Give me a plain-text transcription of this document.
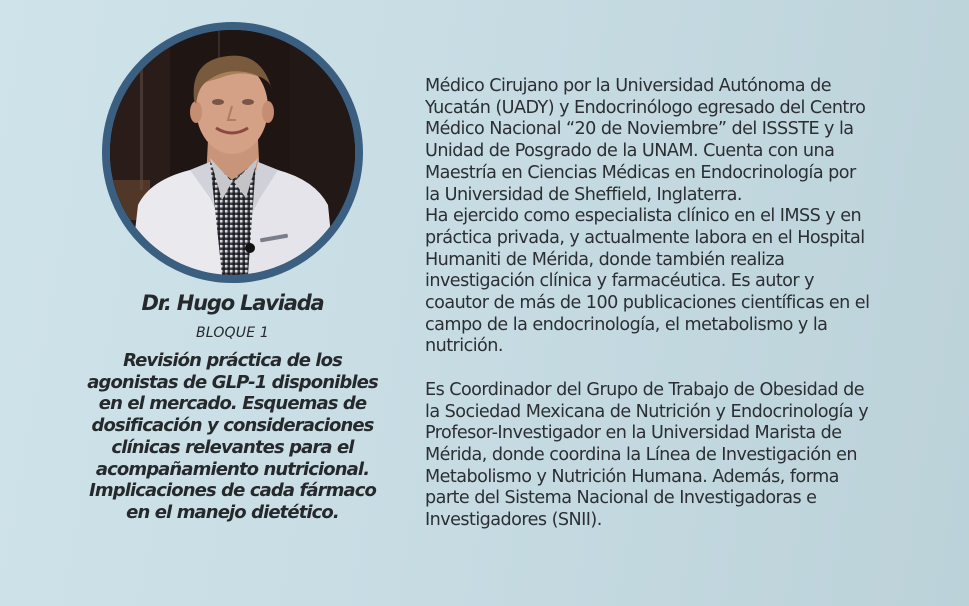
Dr. Hugo Laviada
BLOQUE 1
Revisión práctica de los
agonistas de GLP-1 disponibles
en el mercado. Esquemas de
dosificación y consideraciones
clínicas relevantes para el
acompañamiento nutricional.
Implicaciones de cada fármaco
en el manejo dietético.
Médico Cirujano por la Universidad Autónoma de
Yucatán (UADY) y Endocrinólogo egresado del Centro
Médico Nacional “20 de Noviembre” del ISSSTE y la
Unidad de Posgrado de la UNAM. Cuenta con una
Maestría en Ciencias Médicas en Endocrinología por
la Universidad de Sheffield, Inglaterra.
Ha ejercido como especialista clínico en el IMSS y en
práctica privada, y actualmente labora en el Hospital
Humaniti de Mérida, donde también realiza
investigación clínica y farmacéutica. Es autor y
coautor de más de 100 publicaciones científicas en el
campo de la endocrinología, el metabolismo y la
nutrición.
Es Coordinador del Grupo de Trabajo de Obesidad de
la Sociedad Mexicana de Nutrición y Endocrinología y
Profesor-Investigador en la Universidad Marista de
Mérida, donde coordina la Línea de Investigación en
Metabolismo y Nutrición Humana. Además, forma
parte del Sistema Nacional de Investigadoras e
Investigadores (SNII).
